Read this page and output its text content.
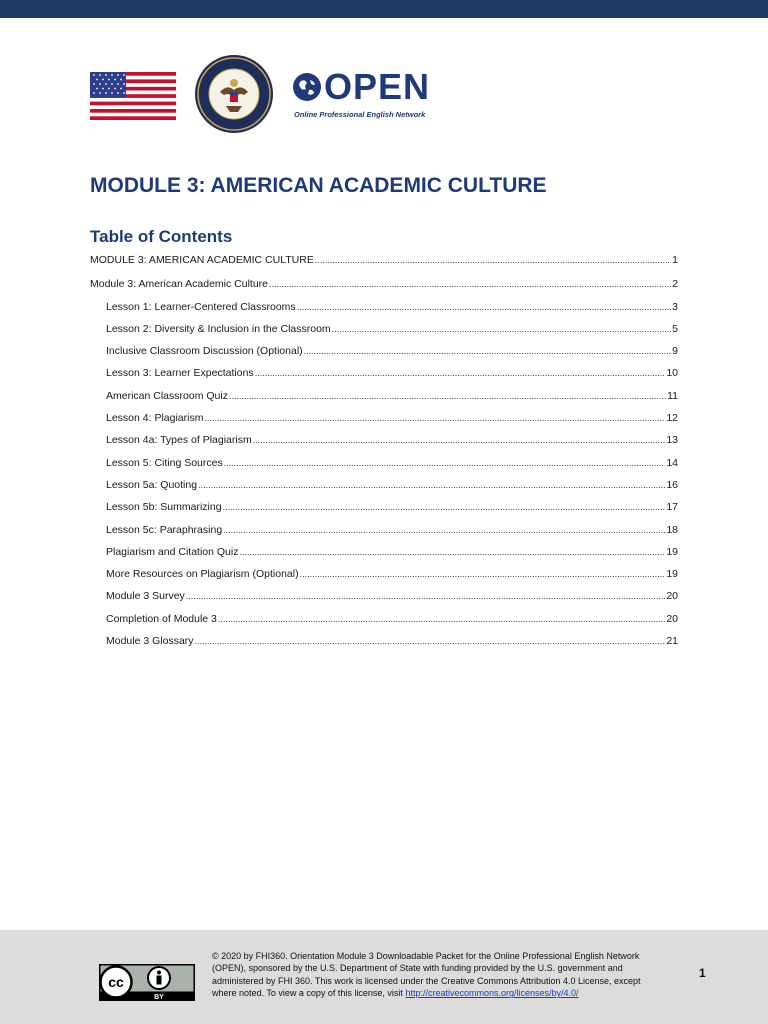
OPEN
Online Professional English Network
MODULE 3: AMERICAN ACADEMIC CULTURE
Table of Contents
MODULE 3: AMERICAN ACADEMIC CULTURE .....	1
Module 3: American Academic Culture .....	2
Lesson 1: Learner-Centered Classrooms .....	3
Lesson 2: Diversity & Inclusion in the Classroom .....	5
Inclusive Classroom Discussion (Optional) .....	9
Lesson 3: Learner Expectations .....	10
American Classroom Quiz .....	11
Lesson 4: Plagiarism .....	12
Lesson 4a: Types of Plagiarism .....	13
Lesson 5: Citing Sources .....	14
Lesson 5a: Quoting .....	16
Lesson 5b: Summarizing .....	17
Lesson 5c: Paraphrasing .....	18
Plagiarism and Citation Quiz .....	19
More Resources on Plagiarism (Optional) .....	19
Module 3 Survey .....	20
Completion of Module 3 .....	20
Module 3 Glossary .....	21
cc
BY
© 2020 by FHI360. Orientation Module 3 Downloadable Packet for the Online Professional English Network (OPEN), sponsored by the U.S. Department of State with funding provided by the U.S. government and administered by FHI 360. This work is licensed under the Creative Commons Attribution 4.0 License, except where noted. To view a copy of this license, visit http://creativecommons.org/licenses/by/4.0/
1
